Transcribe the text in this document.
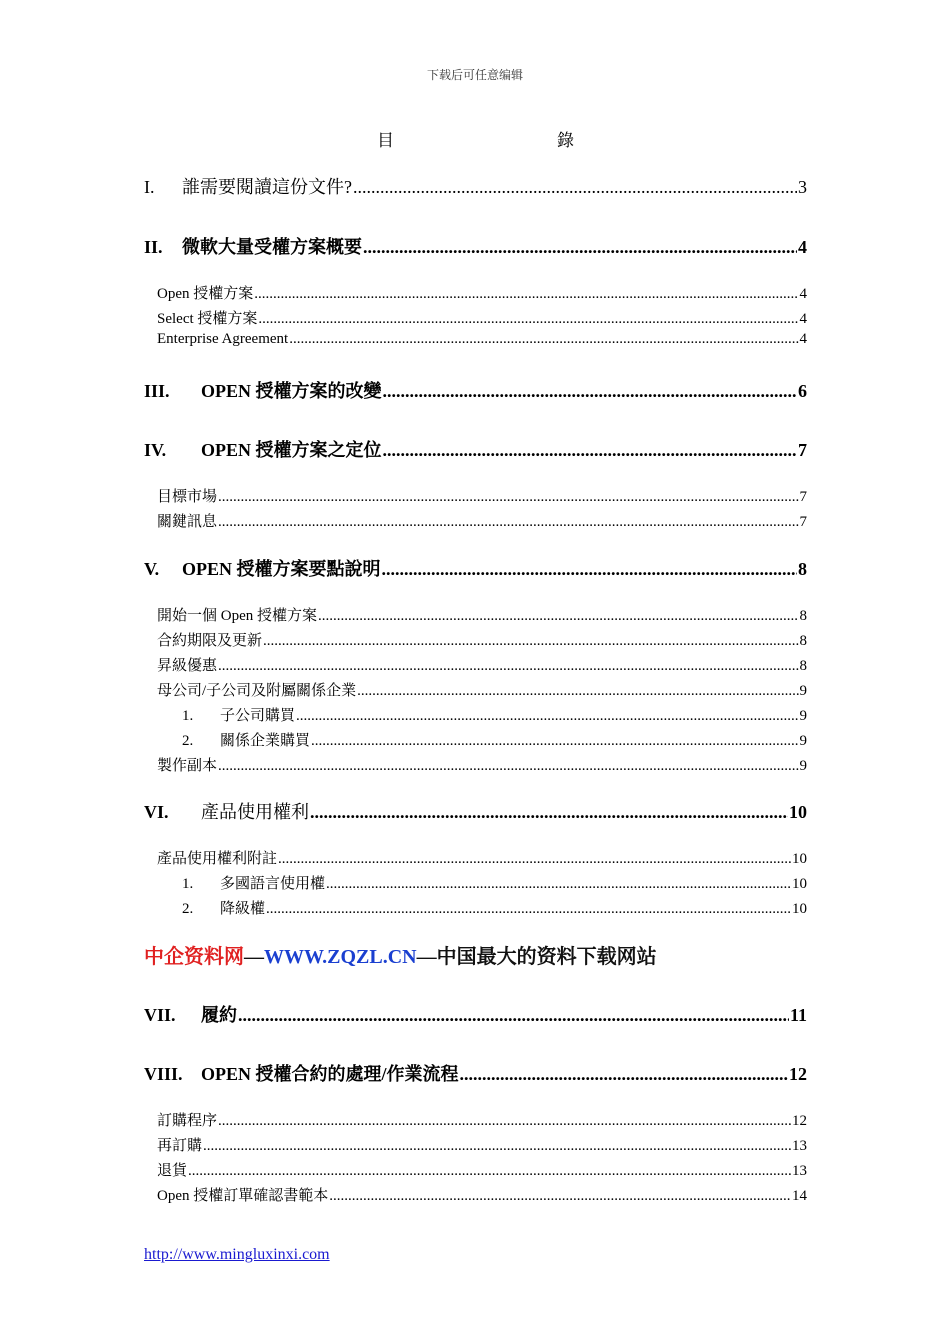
下载后可任意编辑
目	錄
I.	誰需要閱讀這份文件? .....	3
II.	微軟大量受權方案概要 .....	4
Open 授權方案 .....	4
Select 授權方案 .....	4
Enterprise Agreement .....	4
III.	OPEN 授權方案的改變 .....	6
IV.	OPEN 授權方案之定位 .....	7
目標市場 .....	7
關鍵訊息 .....	7
V.	OPEN 授權方案要點說明 .....	8
開始一個 Open 授權方案 .....	8
合約期限及更新 .....	8
昇級優惠 .....	8
母公司/子公司及附屬關係企業 .....	9
1.	子公司購買 .....	9
2.	關係企業購買 .....	9
製作副本 .....	9
VI.	產品使用權利 .....	10
產品使用權利附註 .....	10
1.	多國語言使用權 .....	10
2.	降級權 .....	10
中企资料网—WWW.ZQZL.CN—中国最大的资料下载网站
VII.	履約 .....	11
VIII.	OPEN 授權合約的處理/作業流程 .....	12
訂購程序 .....	12
再訂購 .....	13
退貨 .....	13
Open 授權訂單確認書範本 .....	14
http://www.mingluxinxi.com
